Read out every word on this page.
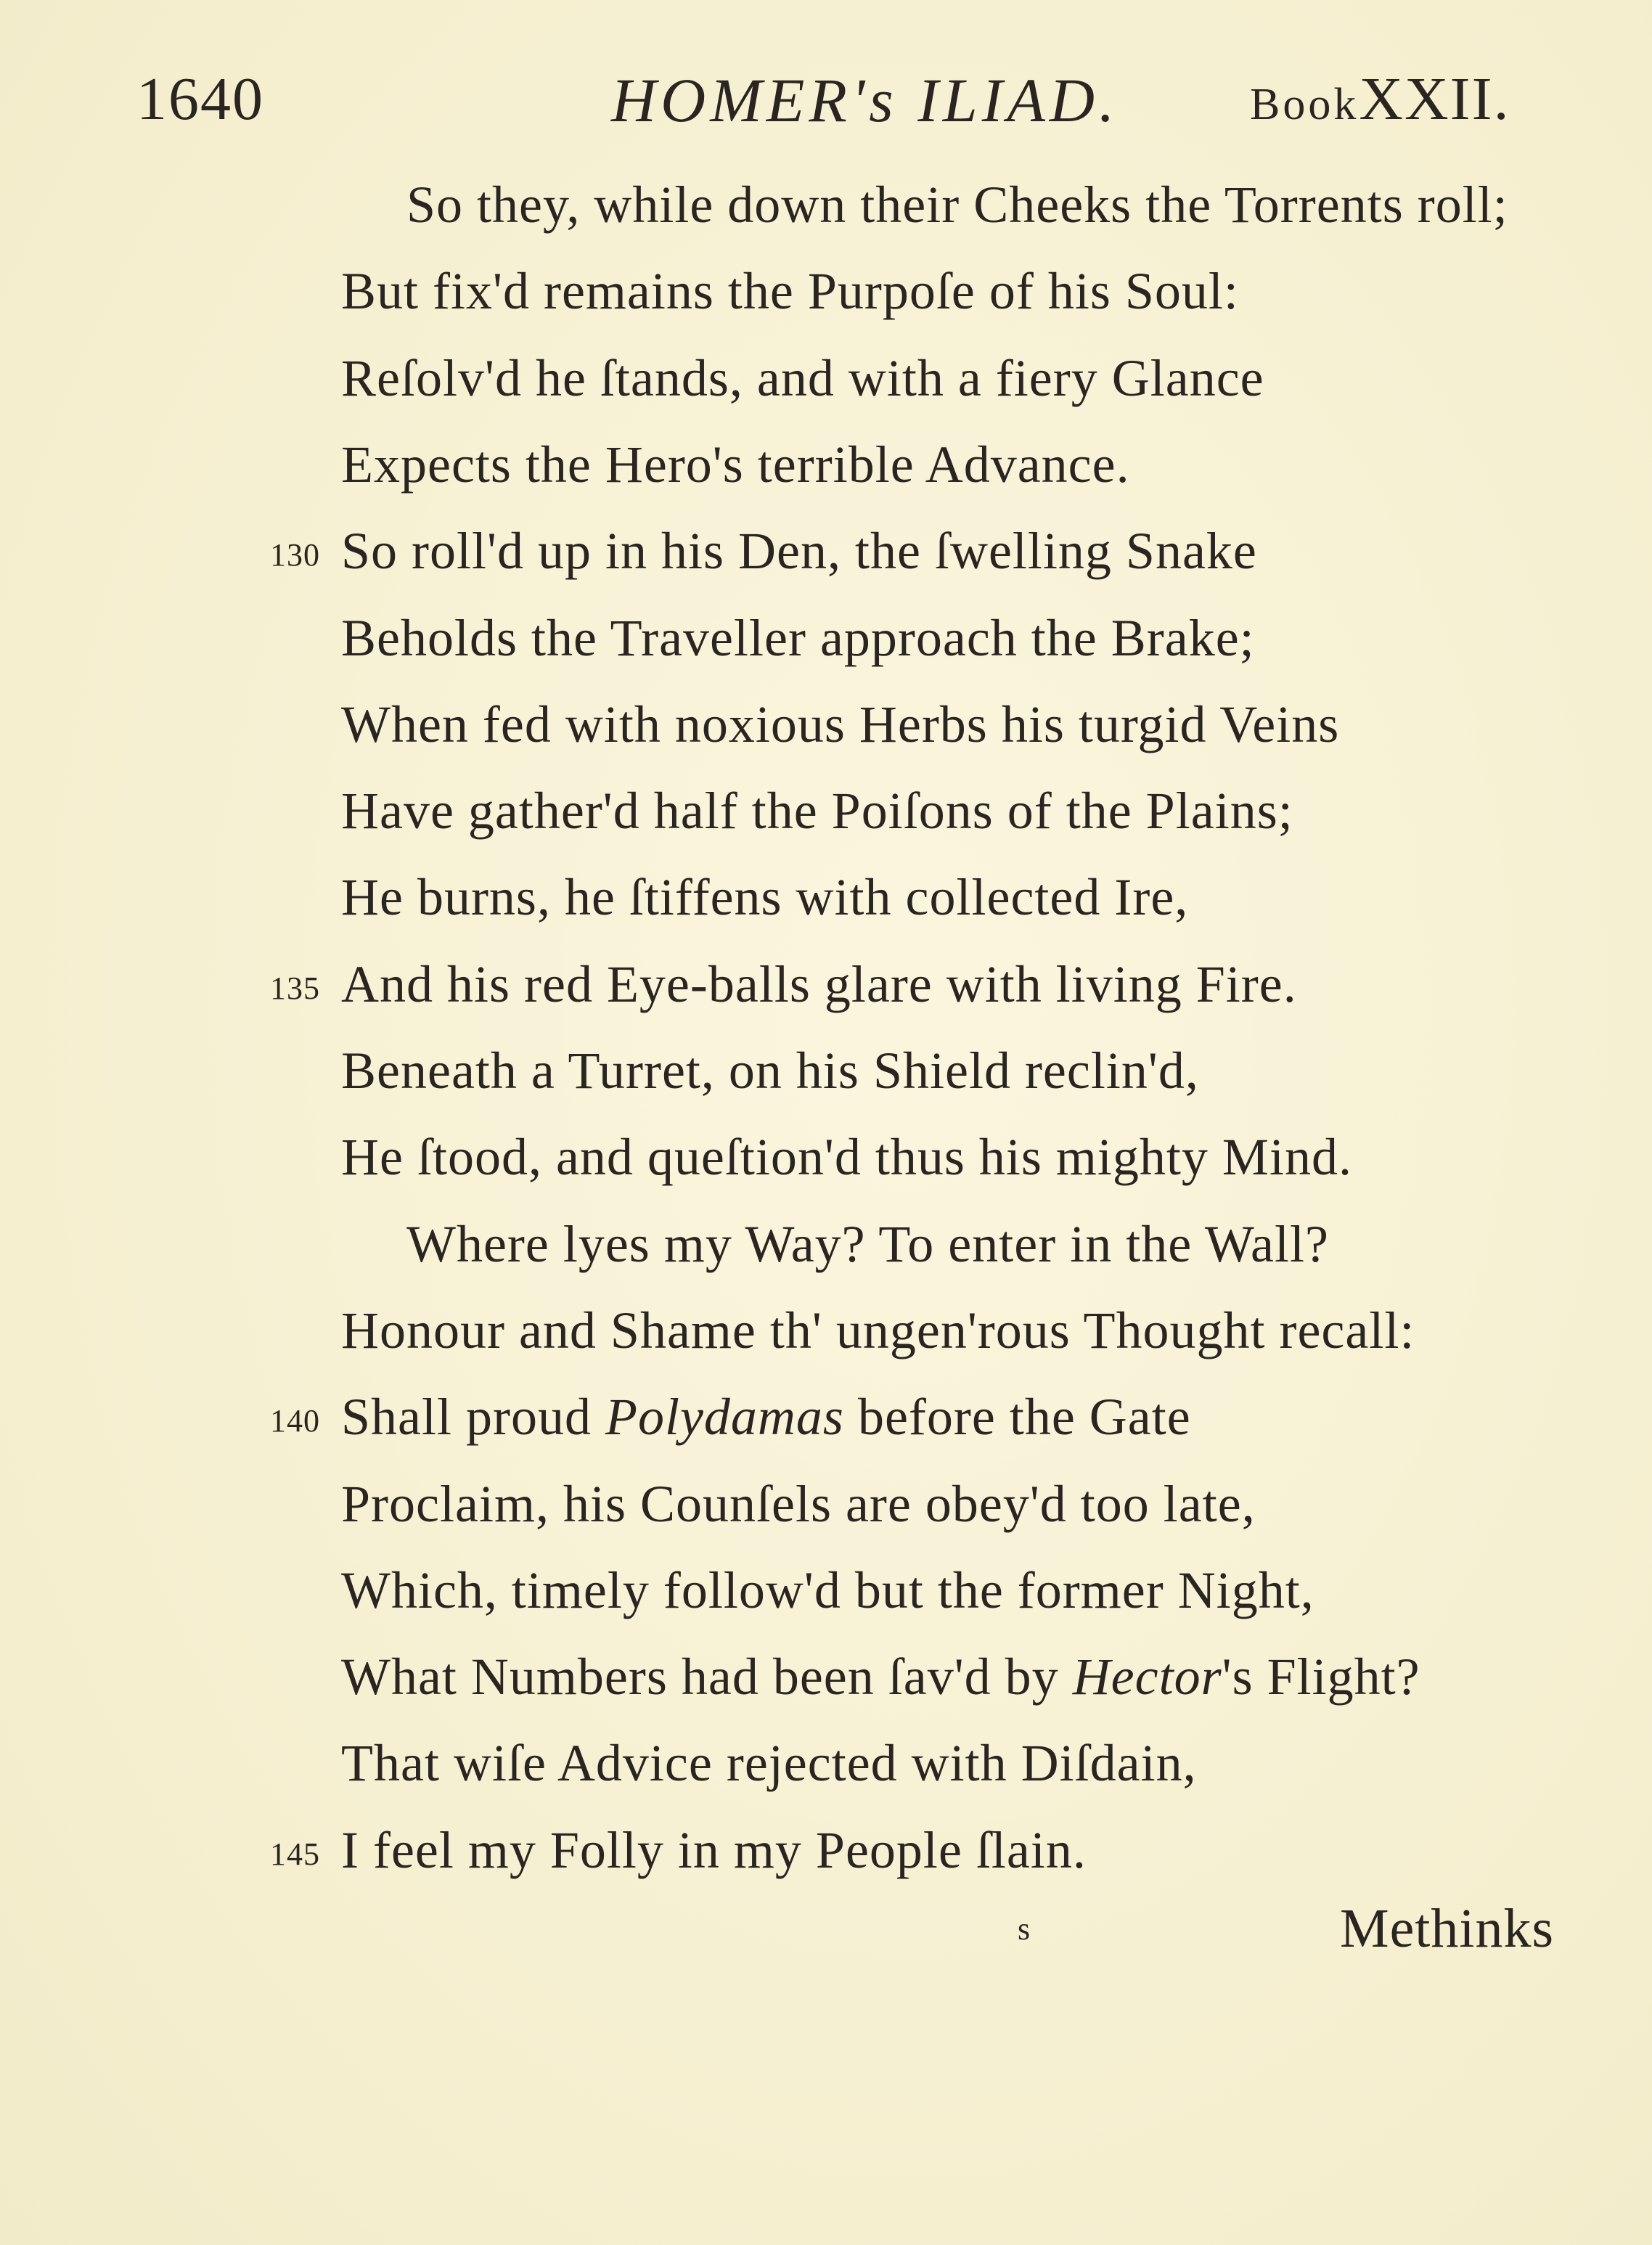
1640	HOMER's ILIAD.	BookXXII.
So they, while down their Cheeks the Torrents roll;
But fix'd remains the Purpoſe of his Soul:
Reſolv'd he ſtands, and with a fiery Glance
Expects the Hero's terrible Advance.
130 So roll'd up in his Den, the ſwelling Snake
Beholds the Traveller approach the Brake;
When fed with noxious Herbs his turgid Veins
Have gather'd half the Poiſons of the Plains;
He burns, he ſtiffens with collected Ire,
135 And his red Eye-balls glare with living Fire.
Beneath a Turret, on his Shield reclin'd,
He ſtood, and queſtion'd thus his mighty Mind.
Where lyes my Way? To enter in the Wall?
Honour and Shame th' ungen'rous Thought recall:
140 Shall proud Polydamas before the Gate
Proclaim, his Counſels are obey'd too late,
Which, timely follow'd but the former Night,
What Numbers had been ſav'd by Hector's Flight?
That wiſe Advice rejected with Diſdain,
145 I feel my Folly in my People ſlain.
s	Methinks
